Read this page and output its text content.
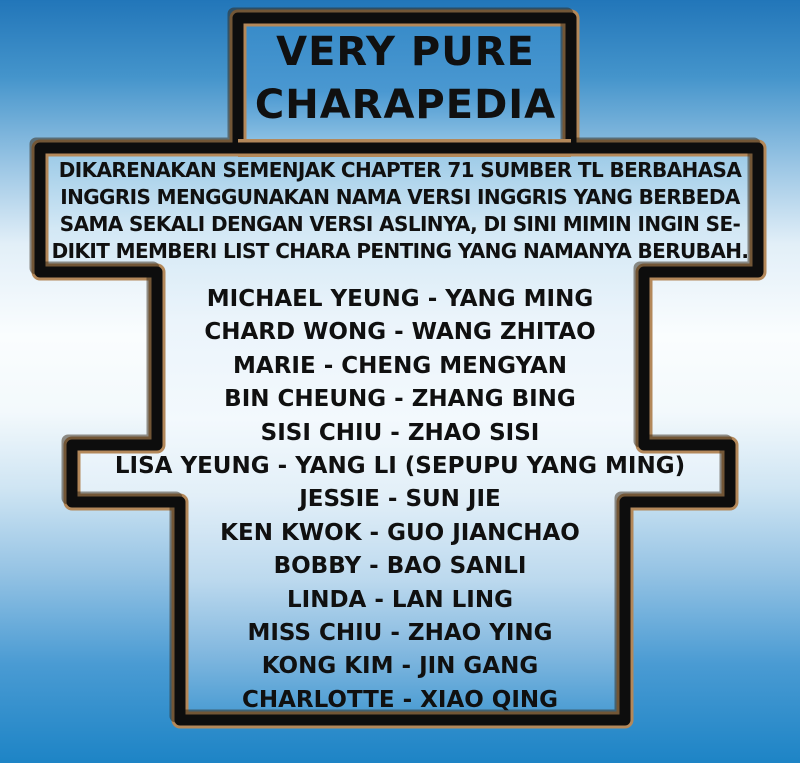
VERY PURE
CHARAPEDIA
DIKARENAKAN SEMENJAK CHAPTER 71 SUMBER TL BERBAHASA
INGGRIS MENGGUNAKAN NAMA VERSI INGGRIS YANG BERBEDA
SAMA SEKALI DENGAN VERSI ASLINYA, DI SINI MIMIN INGIN SE-
DIKIT MEMBERI LIST CHARA PENTING YANG NAMANYA BERUBAH.
MICHAEL YEUNG - YANG MING
CHARD WONG - WANG ZHITAO
MARIE - CHENG MENGYAN
BIN CHEUNG - ZHANG BING
SISI CHIU - ZHAO SISI
LISA YEUNG - YANG LI (SEPUPU YANG MING)
JESSIE - SUN JIE
KEN KWOK - GUO JIANCHAO
BOBBY - BAO SANLI
LINDA - LAN LING
MISS CHIU - ZHAO YING
KONG KIM - JIN GANG
CHARLOTTE - XIAO QING
